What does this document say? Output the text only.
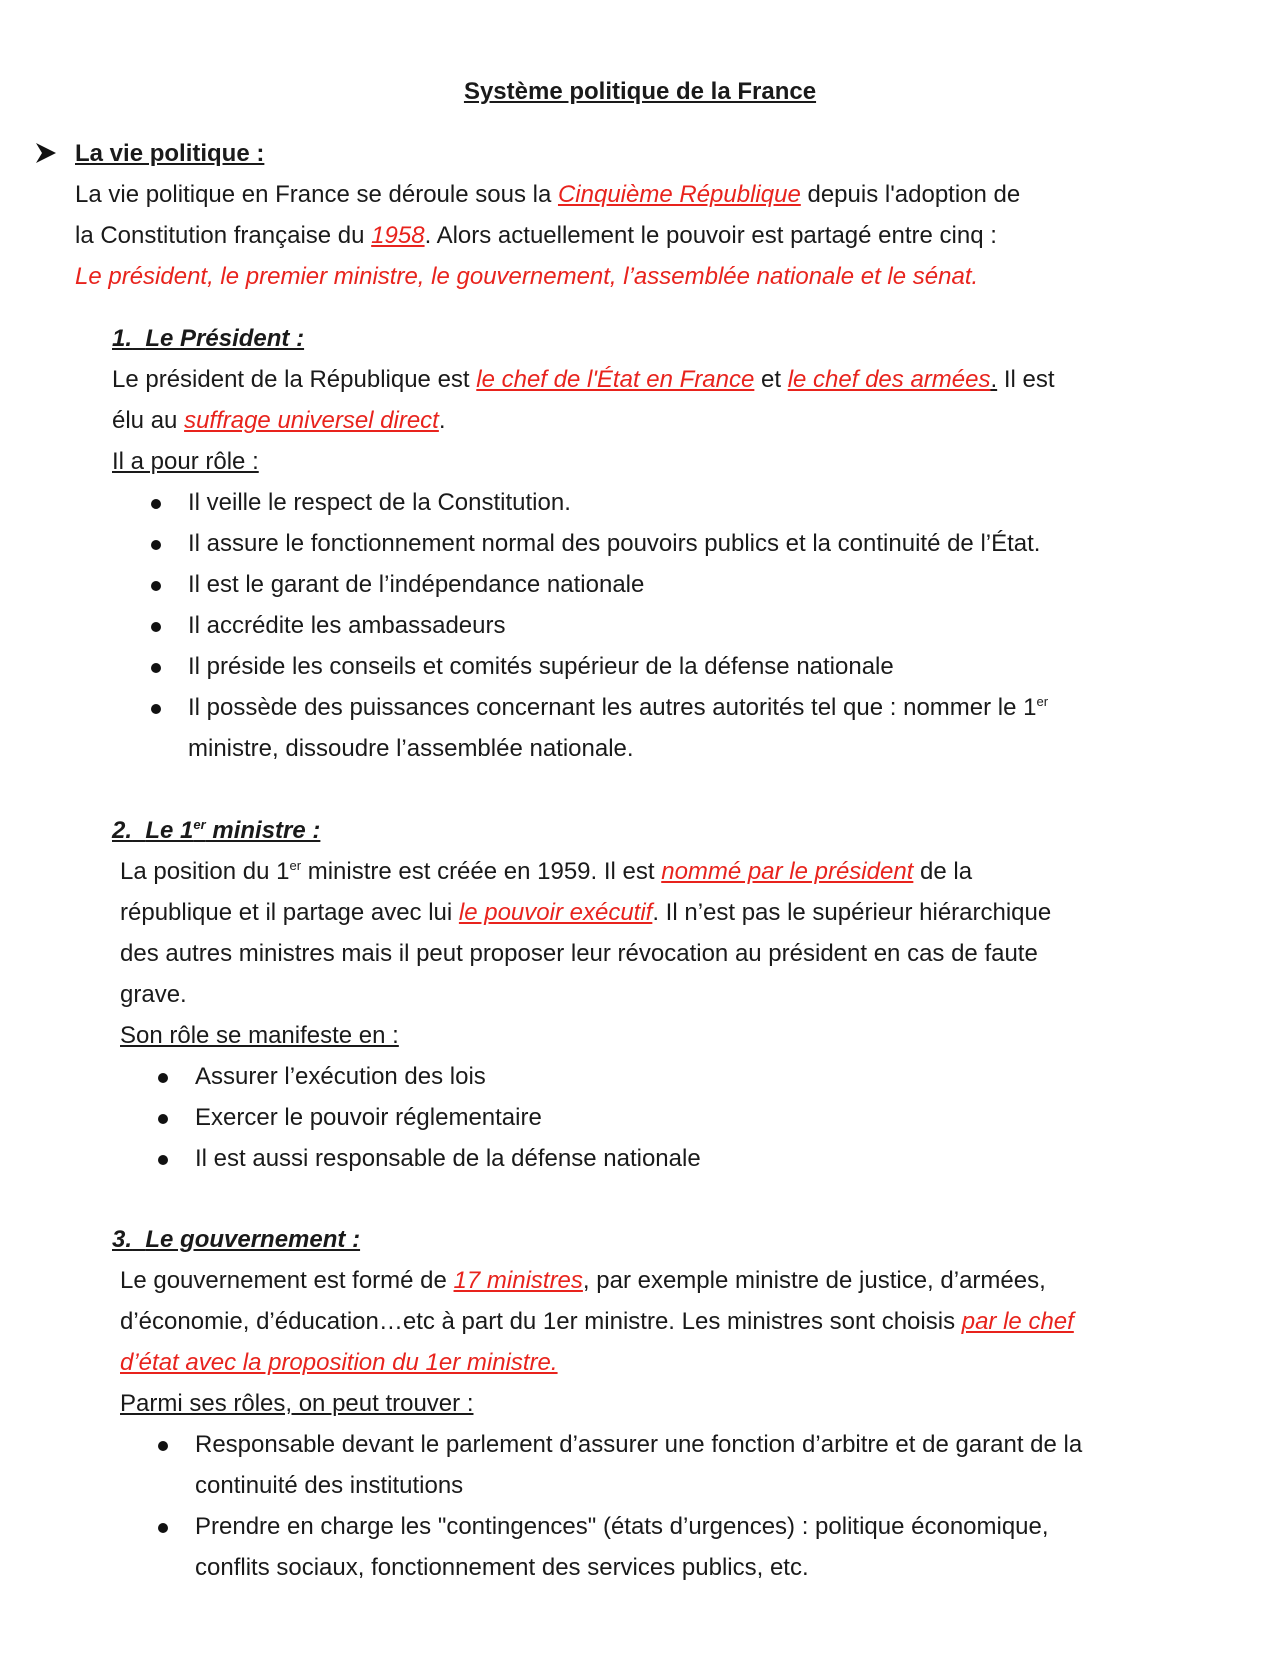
Système politique de la France
La vie politique :
La vie politique en France se déroule sous la Cinquième République depuis l'adoption de
la Constitution française du 1958. Alors actuellement le pouvoir est partagé entre cinq :
Le président, le premier ministre, le gouvernement, l’assemblée nationale et le sénat.
1. Le Président :
Le président de la République est le chef de l'État en France et le chef des armées. Il est
élu au suffrage universel direct.
Il a pour rôle :
Il veille le respect de la Constitution.
Il assure le fonctionnement normal des pouvoirs publics et la continuité de l’État.
Il est le garant de l’indépendance nationale
Il accrédite les ambassadeurs
Il préside les conseils et comités supérieur de la défense nationale
Il possède des puissances concernant les autres autorités tel que : nommer le 1er
ministre, dissoudre l’assemblée nationale.
2. Le 1er ministre :
La position du 1er ministre est créée en 1959. Il est nommé par le président de la
république et il partage avec lui le pouvoir exécutif. Il n’est pas le supérieur hiérarchique
des autres ministres mais il peut proposer leur révocation au président en cas de faute
grave.
Son rôle se manifeste en :
Assurer l’exécution des lois
Exercer le pouvoir réglementaire
Il est aussi responsable de la défense nationale
3. Le gouvernement :
Le gouvernement est formé de 17 ministres, par exemple ministre de justice, d’armées,
d’économie, d’éducation…etc à part du 1er ministre. Les ministres sont choisis par le chef
d’état avec la proposition du 1er ministre.
Parmi ses rôles, on peut trouver :
Responsable devant le parlement d’assurer une fonction d’arbitre et de garant de la
continuité des institutions
Prendre en charge les "contingences" (états d’urgences) : politique économique,
conflits sociaux, fonctionnement des services publics, etc.
